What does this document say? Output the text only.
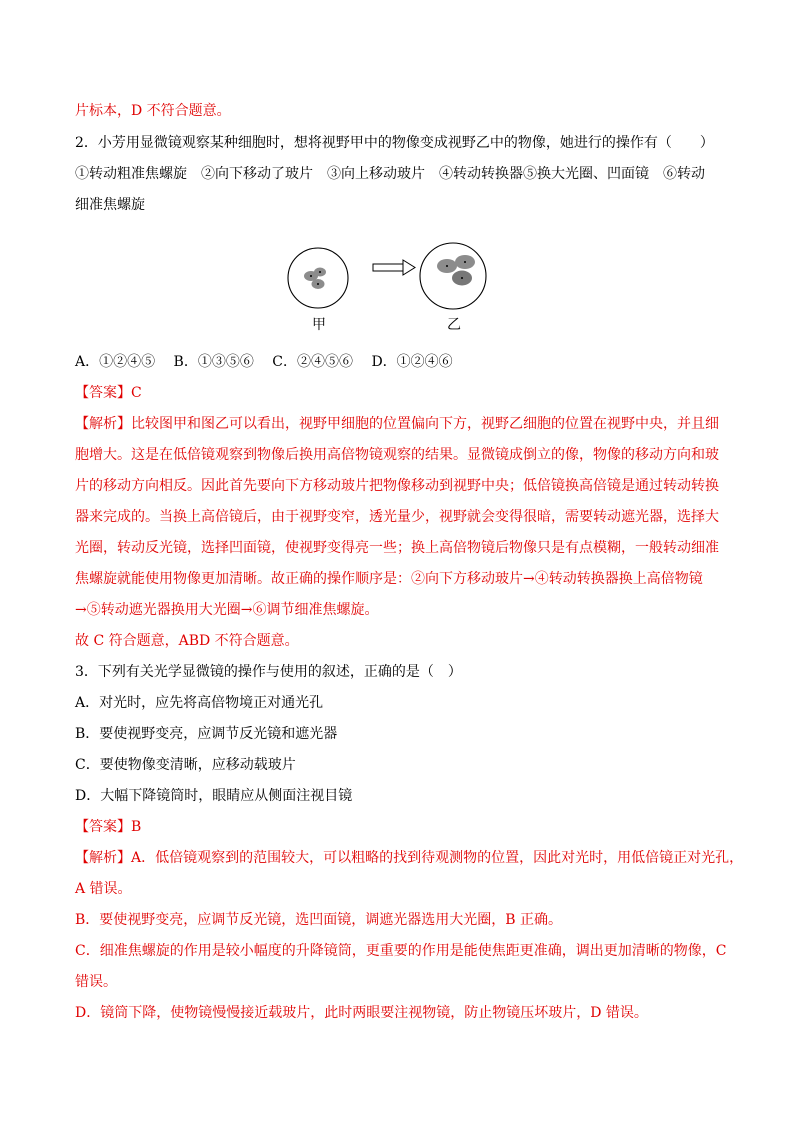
片标本，D 不符合题意。
2．小芳用显微镜观察某种细胞时，想将视野甲中的物像变成视野乙中的物像，她进行的操作有（　　）
①转动粗准焦螺旋　②向下移动了玻片　③向上移动玻片　④转动转换器⑤换大光圈、凹面镜　⑥转动
细准焦螺旋
甲	乙
A．①②④⑤　 B．①③⑤⑥　 C．②④⑤⑥　 D．①②④⑥
【答案】C
【解析】比较图甲和图乙可以看出，视野甲细胞的位置偏向下方，视野乙细胞的位置在视野中央，并且细
胞增大。这是在低倍镜观察到物像后换用高倍物镜观察的结果。显微镜成倒立的像，物像的移动方向和玻
片的移动方向相反。因此首先要向下方移动玻片把物像移动到视野中央；低倍镜换高倍镜是通过转动转换
器来完成的。当换上高倍镜后，由于视野变窄，透光量少，视野就会变得很暗，需要转动遮光器，选择大
光圈，转动反光镜，选择凹面镜，使视野变得亮一些；换上高倍物镜后物像只是有点模糊，一般转动细准
焦螺旋就能使用物像更加清晰。故正确的操作顺序是：②向下方移动玻片→④转动转换器换上高倍物镜
→⑤转动遮光器换用大光圈→⑥调节细准焦螺旋。
故 C 符合题意，ABD 不符合题意。
3．下列有关光学显微镜的操作与使用的叙述，正确的是（　）
A．对光时，应先将高倍物境正对通光孔
B．要使视野变亮，应调节反光镜和遮光器
C．要使物像变清晰，应移动载玻片
D．大幅下降镜筒时，眼睛应从侧面注视目镜
【答案】B
【解析】A．低倍镜观察到的范围较大，可以粗略的找到待观测物的位置，因此对光时，用低倍镜正对光孔，
A 错误。
B．要使视野变亮，应调节反光镜，选凹面镜，调遮光器选用大光圈，B 正确。
C．细准焦螺旋的作用是较小幅度的升降镜筒，更重要的作用是能使焦距更准确，调出更加清晰的物像，C
错误。
D．镜筒下降，使物镜慢慢接近载玻片，此时两眼要注视物镜，防止物镜压坏玻片，D 错误。
